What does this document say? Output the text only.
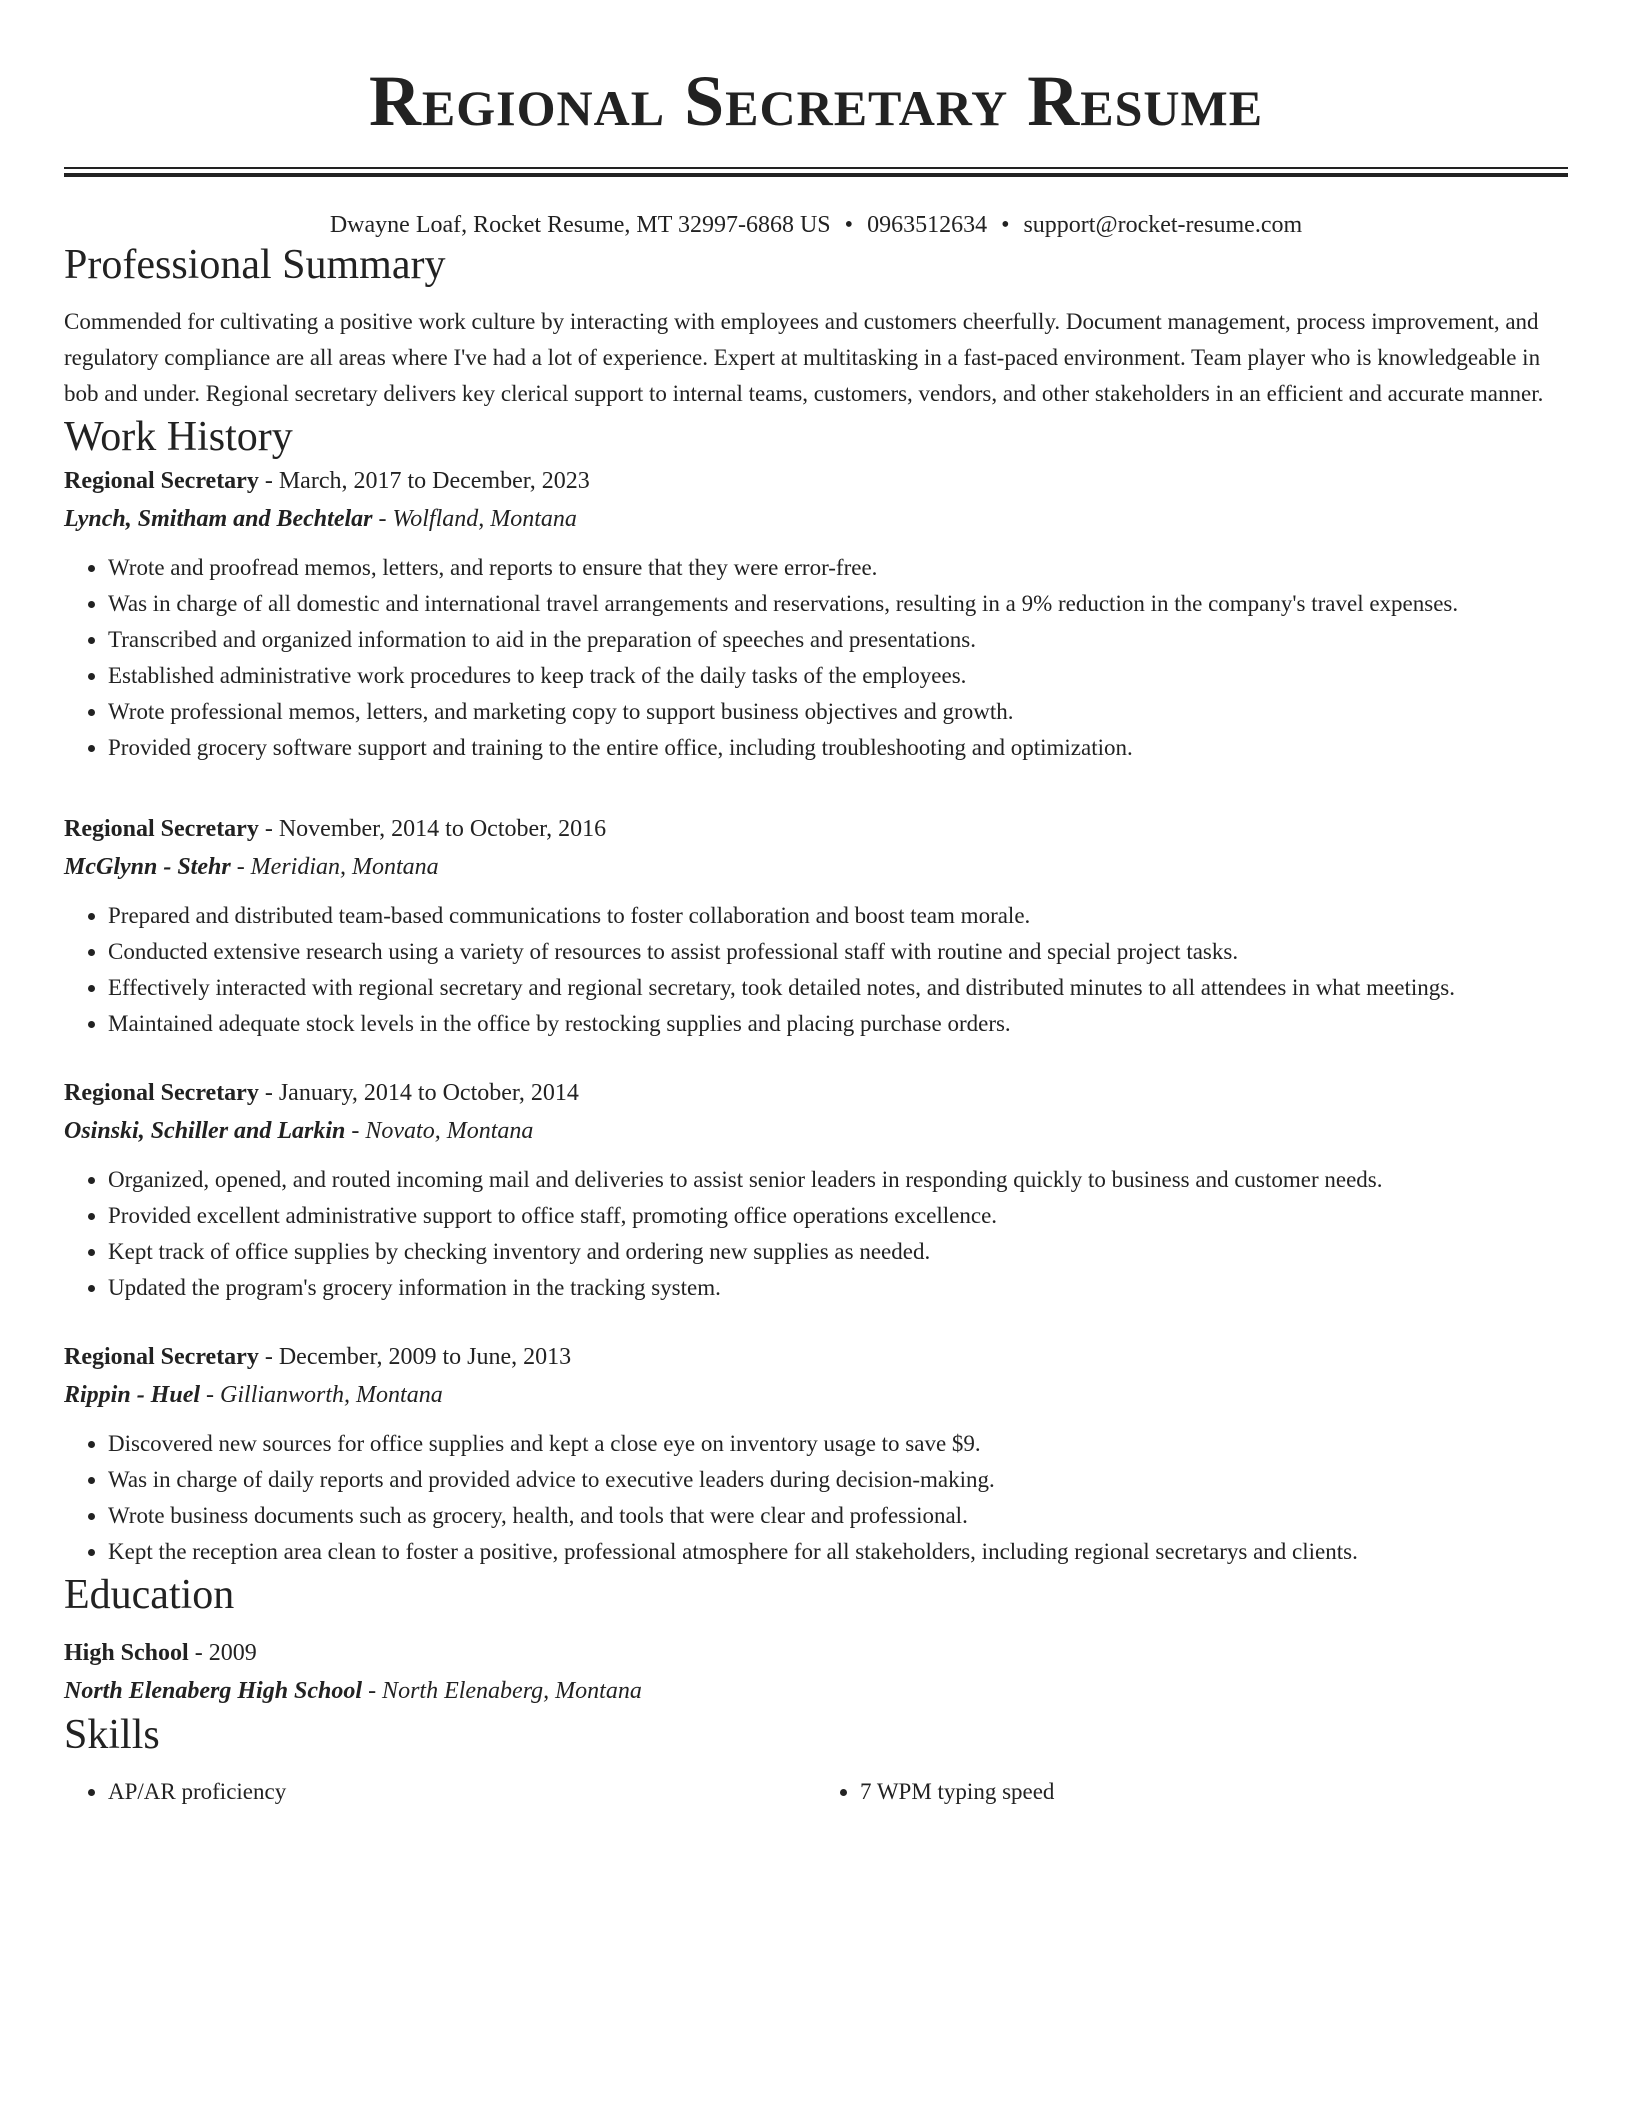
Regional Secretary Resume
Dwayne Loaf, Rocket Resume, MT 32997-6868 US • 0963512634 • support@rocket-resume.com
Professional Summary

Commended for cultivating a positive work culture by interacting with employees and customers cheerfully. Document management, process improvement, and regulatory compliance are all areas where I've had a lot of experience. Expert at multitasking in a fast-paced environment. Team player who is knowledgeable in bob and under. Regional secretary delivers key clerical support to internal teams, customers, vendors, and other stakeholders in an efficient and accurate manner.

Work History
Regional Secretary - March, 2017 to December, 2023
Lynch, Smitham and Bechtelar - Wolfland, Montana
• Wrote and proofread memos, letters, and reports to ensure that they were error-free.
• Was in charge of all domestic and international travel arrangements and reservations, resulting in a 9% reduction in the company's travel expenses.
• Transcribed and organized information to aid in the preparation of speeches and presentations.
• Established administrative work procedures to keep track of the daily tasks of the employees.
• Wrote professional memos, letters, and marketing copy to support business objectives and growth.
• Provided grocery software support and training to the entire office, including troubleshooting and optimization.
Regional Secretary - November, 2014 to October, 2016
McGlynn - Stehr - Meridian, Montana
• Prepared and distributed team-based communications to foster collaboration and boost team morale.
• Conducted extensive research using a variety of resources to assist professional staff with routine and special project tasks.
• Effectively interacted with regional secretary and regional secretary, took detailed notes, and distributed minutes to all attendees in what meetings.
• Maintained adequate stock levels in the office by restocking supplies and placing purchase orders.
Regional Secretary - January, 2014 to October, 2014
Osinski, Schiller and Larkin - Novato, Montana
• Organized, opened, and routed incoming mail and deliveries to assist senior leaders in responding quickly to business and customer needs.
• Provided excellent administrative support to office staff, promoting office operations excellence.
• Kept track of office supplies by checking inventory and ordering new supplies as needed.
• Updated the program's grocery information in the tracking system.
Regional Secretary - December, 2009 to June, 2013
Rippin - Huel - Gillianworth, Montana
• Discovered new sources for office supplies and kept a close eye on inventory usage to save $9.
• Was in charge of daily reports and provided advice to executive leaders during decision-making.
• Wrote business documents such as grocery, health, and tools that were clear and professional.
• Kept the reception area clean to foster a positive, professional atmosphere for all stakeholders, including regional secretarys and clients.
Education
High School - 2009
North Elenaberg High School - North Elenaberg, Montana
Skills
• AP/AR proficiency
•	7 WPM typing speed
